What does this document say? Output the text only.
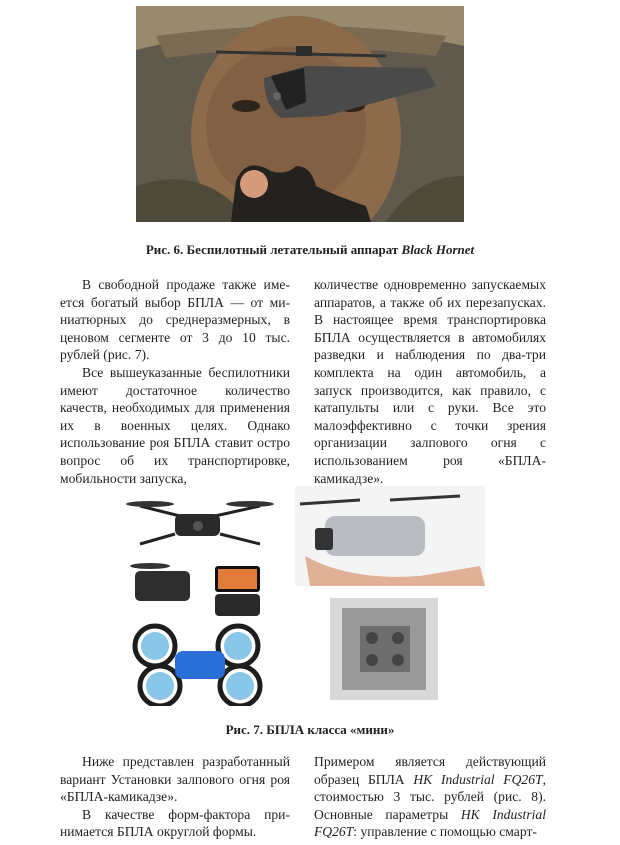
Рис. 6. Беспилотный летательный аппарат Black Hornet

В свободной продаже также имеется богатый выбор БПЛА — от миниатюрных до среднеразмерных, в ценовом сегменте от 3 до 10 тыс. рублей (рис. 7).

Все вышеуказанные беспилотники имеют достаточное количество качеств, необходимых для применения их в военных целях. Однако использование роя БПЛА ставит остро вопрос об их транспортировке, мобильности запуска,

количестве одновременно запускаемых аппаратов, а также об их перезапусках. В настоящее время транспортировка БПЛА осуществляется в автомобилях разведки и наблюдения по два-три комплекта на один автомобиль, а запуск производится, как правило, с катапульты или с руки. Все это малоэффективно с точки зрения организации залпового огня с использованием роя «БПЛА-камикадзе».

Рис. 7. БПЛА класса «мини»

Ниже представлен разработанный вариант Установки залпового огня роя «БПЛА-камикадзе».

В качестве форм-фактора принимается БПЛА округлой формы.

Примером является действующий образец БПЛА HK Industrial FQ26T, стоимостью 3 тыс. рублей (рис. 8). Основные параметры HK Industrial FQ26T: управление с помощью смарт-
